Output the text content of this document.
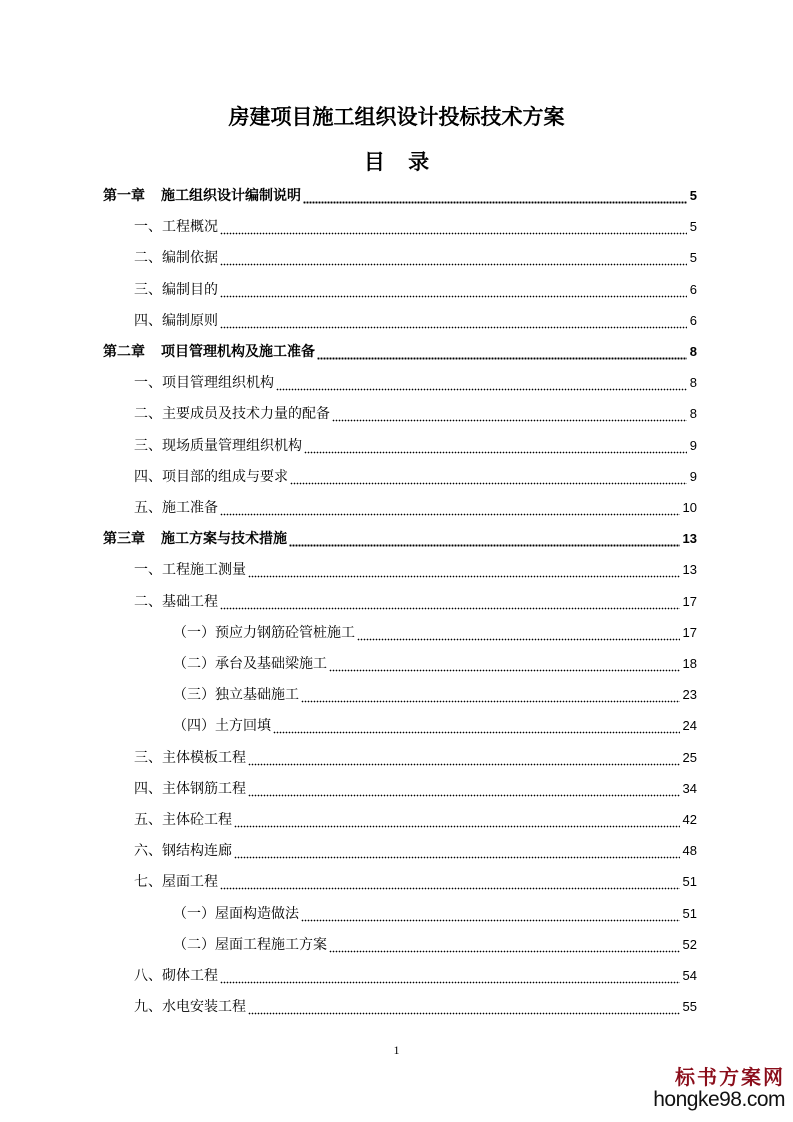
房建项目施工组织设计投标技术方案
目 录
第一章 施工组织设计编制说明	5
一、工程概况	5
二、编制依据	5
三、编制目的	6
四、编制原则	6
第二章 项目管理机构及施工准备	8
一、项目管理组织机构	8
二、主要成员及技术力量的配备	8
三、现场质量管理组织机构	9
四、项目部的组成与要求	9
五、施工准备	10
第三章 施工方案与技术措施	13
一、工程施工测量	13
二、基础工程	17
（一）预应力钢筋砼管桩施工	17
（二）承台及基础梁施工	18
（三）独立基础施工	23
（四）土方回填	24
三、主体模板工程	25
四、主体钢筋工程	34
五、主体砼工程	42
六、钢结构连廊	48
七、屋面工程	51
（一）屋面构造做法	51
（二）屋面工程施工方案	52
八、砌体工程	54
九、水电安装工程	55
1
标书方案网
hongke98.com
